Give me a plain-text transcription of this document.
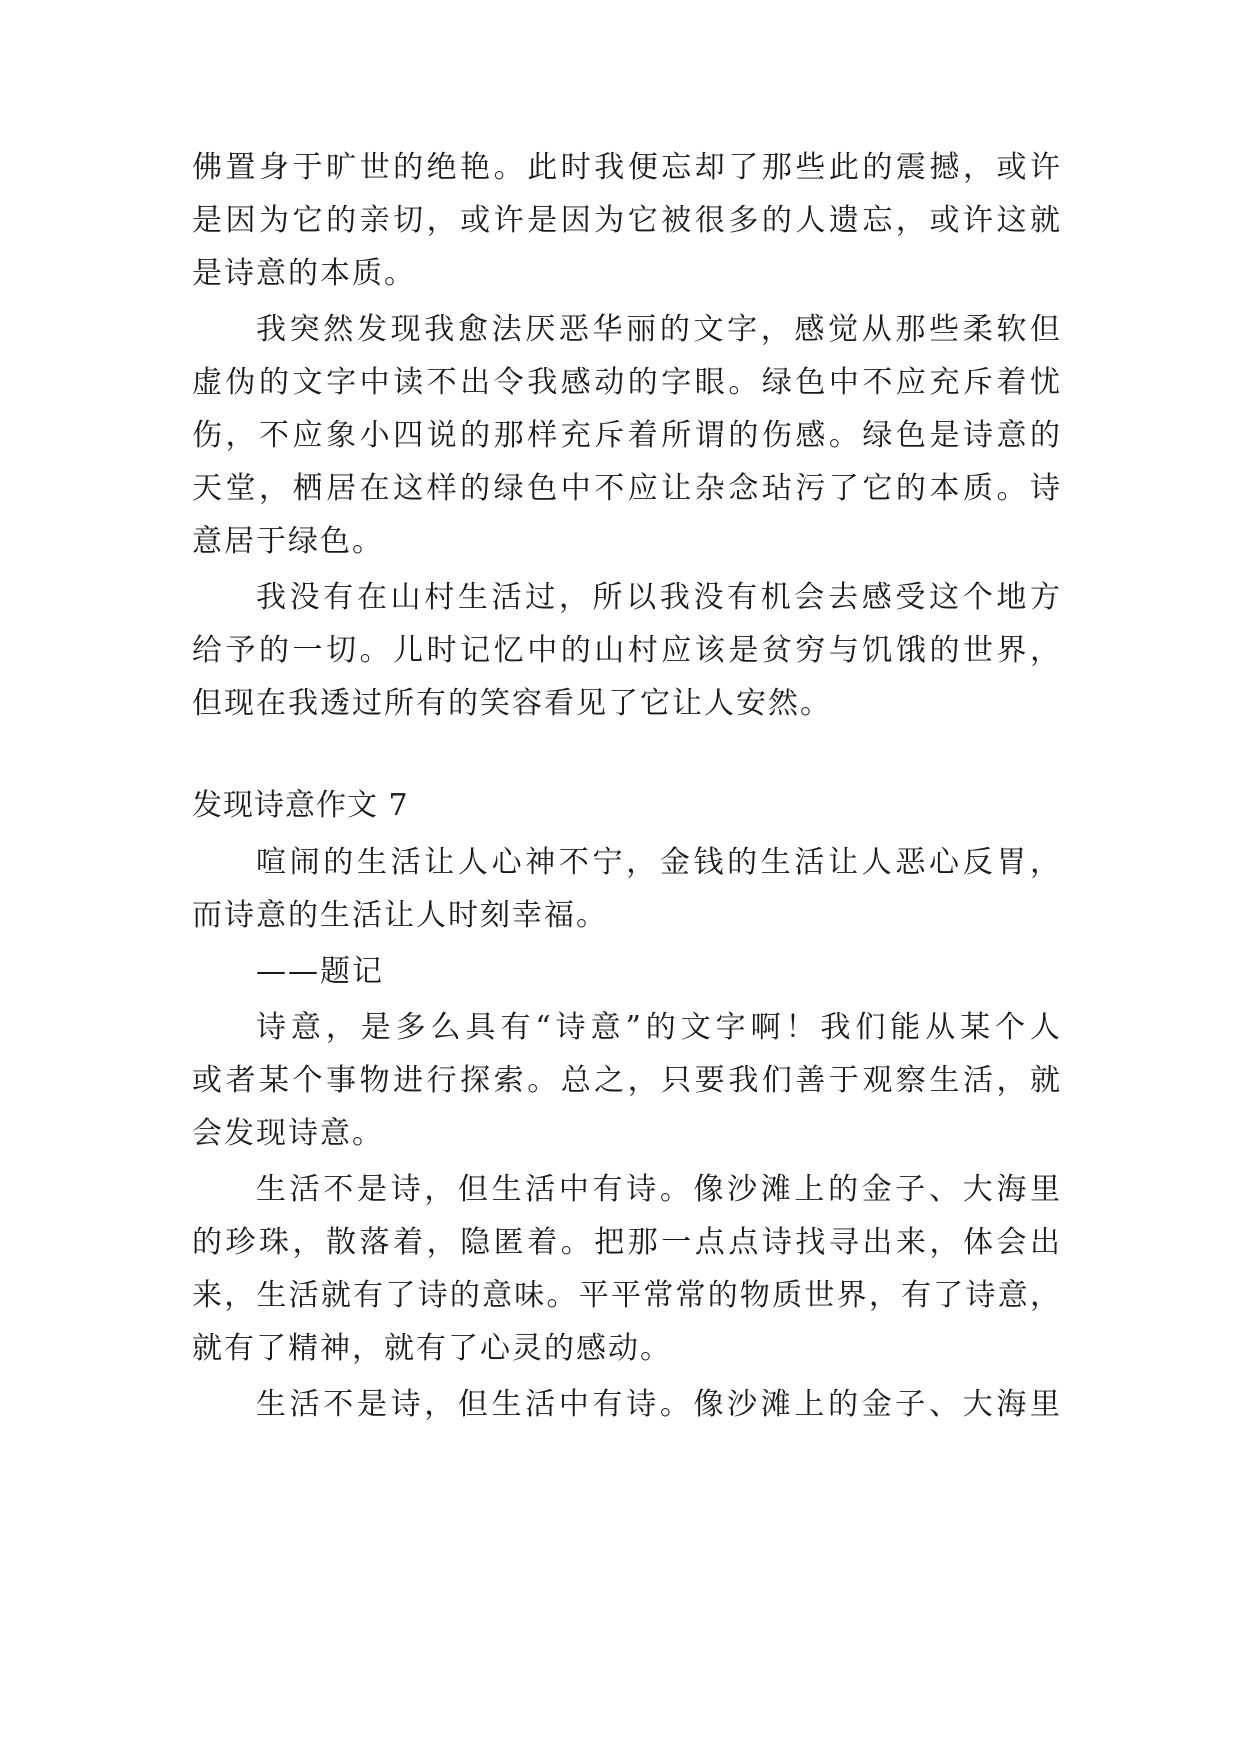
佛置身于旷世的绝艳。此时我便忘却了那些此的震撼，或许
是因为它的亲切，或许是因为它被很多的人遗忘，或许这就
是诗意的本质。
我突然发现我愈法厌恶华丽的文字，感觉从那些柔软但
虚伪的文字中读不出令我感动的字眼。绿色中不应充斥着忧
伤，不应象小四说的那样充斥着所谓的伤感。绿色是诗意的
天堂，栖居在这样的绿色中不应让杂念玷污了它的本质。诗
意居于绿色。
我没有在山村生活过，所以我没有机会去感受这个地方
给予的一切。儿时记忆中的山村应该是贫穷与饥饿的世界，
但现在我透过所有的笑容看见了它让人安然。
发现诗意作文 7
喧闹的生活让人心神不宁，金钱的生活让人恶心反胃，
而诗意的生活让人时刻幸福。
——题记
诗意，是多么具有“诗意”的文字啊！我们能从某个人
或者某个事物进行探索。总之，只要我们善于观察生活，就
会发现诗意。
生活不是诗，但生活中有诗。像沙滩上的金子、大海里
的珍珠，散落着，隐匿着。把那一点点诗找寻出来，体会出
来，生活就有了诗的意味。平平常常的物质世界，有了诗意，
就有了精神，就有了心灵的感动。
生活不是诗，但生活中有诗。像沙滩上的金子、大海里
